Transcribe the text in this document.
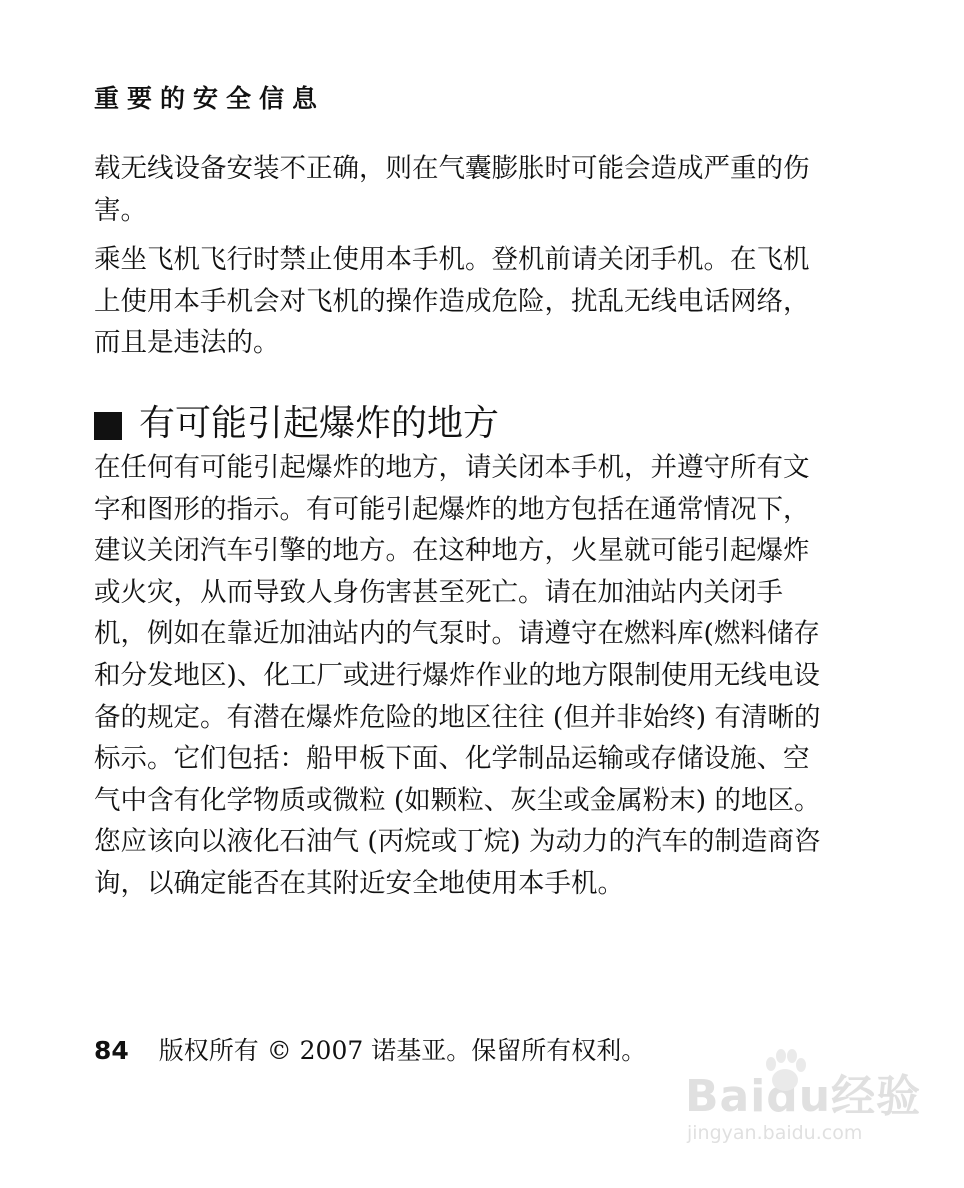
重要的安全信息

载无线设备安装不正确，则在气囊膨胀时可能会造成严重的伤害。

乘坐飞机飞行时禁止使用本手机。登机前请关闭手机。在飞机上使用本手机会对飞机的操作造成危险，扰乱无线电话网络，而且是违法的。

有可能引起爆炸的地方

在任何有可能引起爆炸的地方，请关闭本手机，并遵守所有文字和图形的指示。有可能引起爆炸的地方包括在通常情况下，建议关闭汽车引擎的地方。在这种地方，火星就可能引起爆炸或火灾，从而导致人身伤害甚至死亡。请在加油站内关闭手机，例如在靠近加油站内的气泵时。请遵守在燃料库(燃料储存和分发地区)、化工厂或进行爆炸作业的地方限制使用无线电设备的规定。有潜在爆炸危险的地区往往 (但并非始终) 有清晰的标示。它们包括：船甲板下面、化学制品运输或存储设施、空气中含有化学物质或微粒 (如颗粒、灰尘或金属粉末) 的地区。您应该向以液化石油气 (丙烷或丁烷) 为动力的汽车的制造商咨询，以确定能否在其附近安全地使用本手机。

84 版权所有 © 2007 诺基亚。保留所有权利。
Baidu经验
jingyan.baidu.com
